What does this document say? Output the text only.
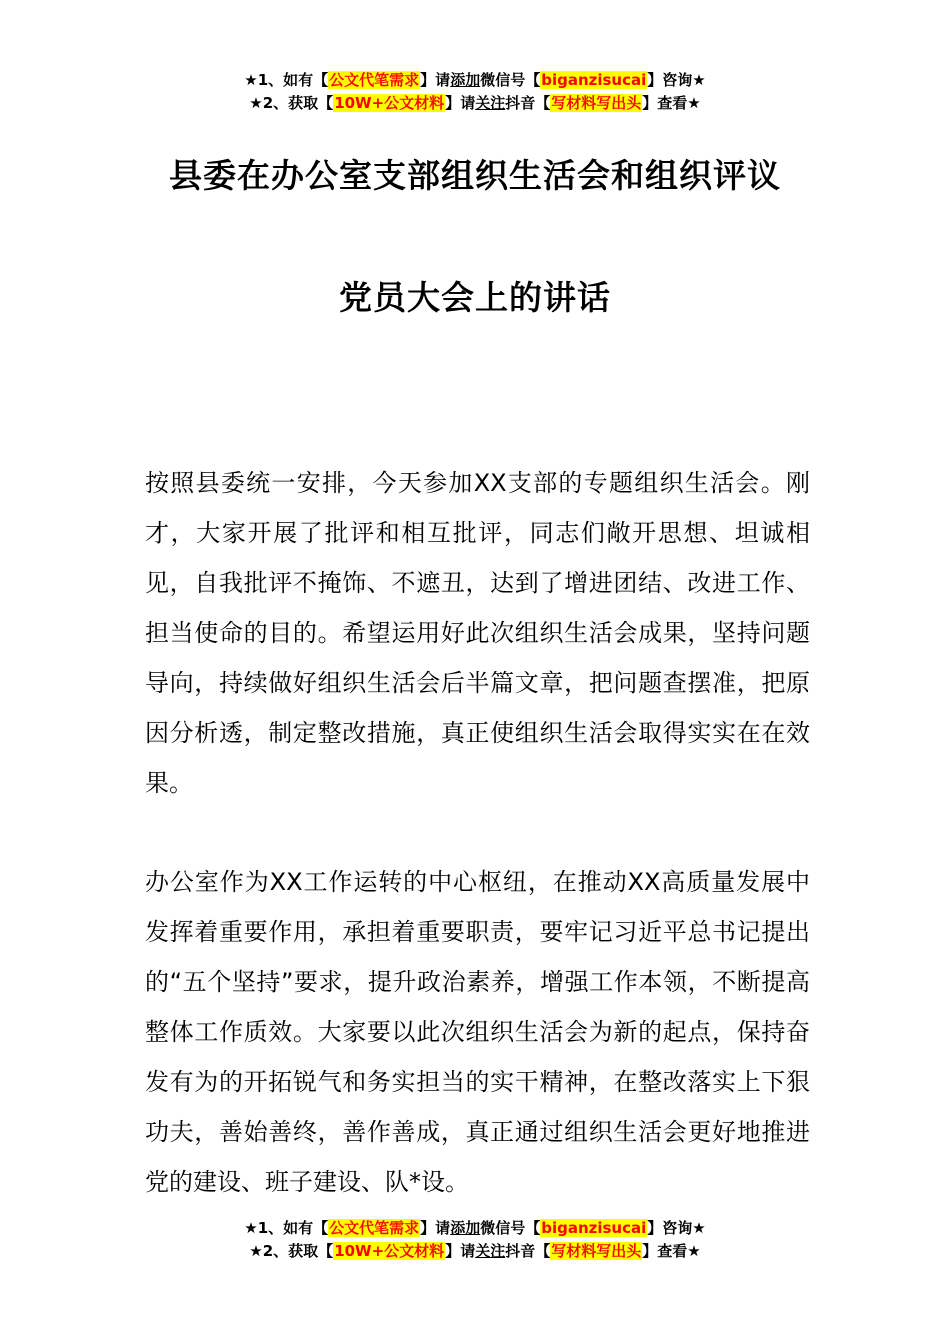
★1、如有【公文代笔需求】请添加微信号【biganzisucai】咨询★
★2、获取【10W+公文材料】请关注抖音【写材料写出头】查看★
县委在办公室支部组织生活会和组织评议
党员大会上的讲话
按照县委统一安排，今天参加XX支部的专题组织生活会。刚才，大家开展了批评和相互批评，同志们敞开思想、坦诚相见，自我批评不掩饰、不遮丑，达到了增进团结、改进工作、担当使命的目的。希望运用好此次组织生活会成果，坚持问题导向，持续做好组织生活会后半篇文章，把问题查摆准，把原因分析透，制定整改措施，真正使组织生活会取得实实在在效果。
办公室作为XX工作运转的中心枢纽，在推动XX高质量发展中发挥着重要作用，承担着重要职责，要牢记习近平总书记提出的“五个坚持”要求，提升政治素养，增强工作本领，不断提高整体工作质效。大家要以此次组织生活会为新的起点，保持奋发有为的开拓锐气和务实担当的实干精神，在整改落实上下狠功夫，善始善终，善作善成，真正通过组织生活会更好地推进党的建设、班子建设、队*设。
★1、如有【公文代笔需求】请添加微信号【biganzisucai】咨询★
★2、获取【10W+公文材料】请关注抖音【写材料写出头】查看★
